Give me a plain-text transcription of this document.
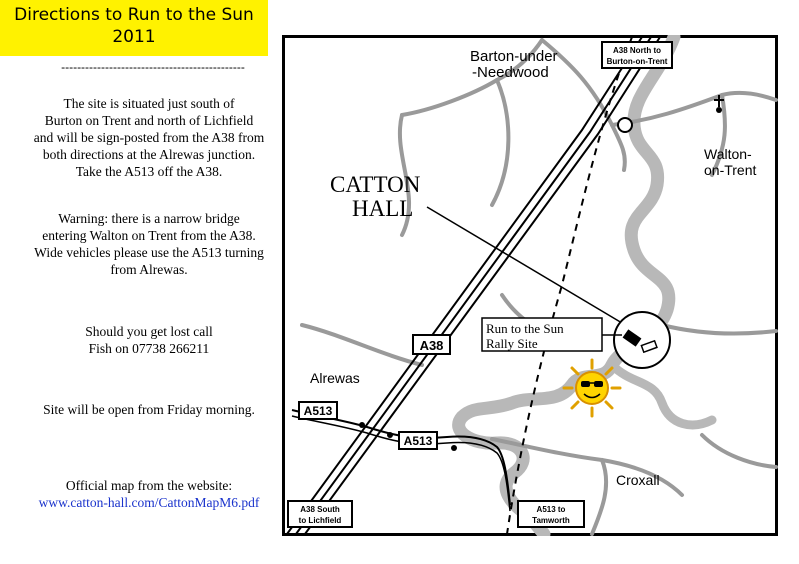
Directions to Run to the Sun
2011
----------------------------------------------
The site is situated just south of
Burton on Trent and north of Lichfield
and will be sign-posted from the A38 from
both directions at the Alrewas junction.
Take the A513 off the A38.
Warning: there is a narrow bridge
entering Walton on Trent from the A38.
Wide vehicles please use the A513 turning
from Alrewas.
Should you get lost call
Fish on 07738 266211
Site will be open from Friday morning.
Official map from the website:
www.catton-hall.com/CattonMapM6.pdf
Barton-under
-Needwood
Walton-
on-Trent
Alrewas
Croxall
CATTON
HALL
Run to the Sun
Rally Site
A38
A513
A513
A38 North to
Burton-on-Trent
A38 South
to Lichfield
A513 to
Tamworth
